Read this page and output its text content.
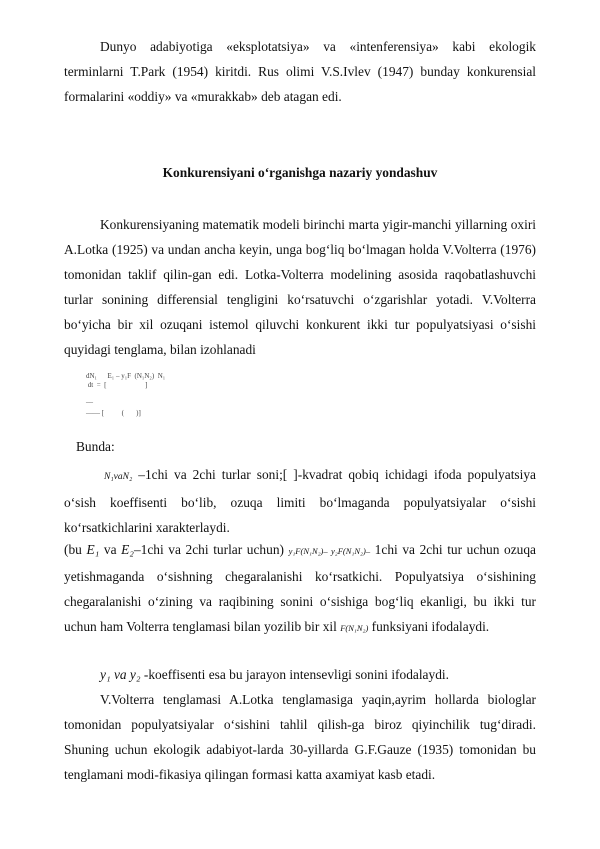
Dunyo adabiyotiga «eksplotatsiya» va «intenferensiya» kabi ekologik terminlarni T.Park (1954) kiritdi. Rus olimi V.S.Ivlev (1947) bunday konkurensial formalarini «oddiy» va «murakkab» deb atagan edi.

Konkurensiyani o‘rganishga nazariy yondashuv

Konkurensiyaning matematik modeli birinchi marta yigir-manchi yillarning oxiri A.Lotka (1925) va undan ancha keyin, unga bog‘liq bo‘lmagan holda V.Volterra (1976) tomonidan taklif qilin-gan edi. Lotka-Volterra modelining asosida raqobatlashuvchi turlar sonining differensial tengligini ko‘rsatuvchi o‘zgarishlar yotadi. V.Volterra bo‘yicha bir xil ozuqani istemol qiluvchi konkurent ikki tur populyatsiyasi o‘sishi quyidagi tenglama, bilan izohlanadi

dN₁      E₁ – y₁F  (N₁N₂)  N₁
dt  =  [                      ]
__
—— [          (       )]
Bunda:

N₁vaN₂ –1chi va 2chi turlar soni;[ ]-kvadrat qobiq ichidagi ifoda populyatsiya o‘sish koeffisenti bo‘lib, ozuqa limiti bo‘lmaganda populyatsiyalar o‘sishi ko‘rsatkichlarini xarakterlaydi.

(bu E₁ va E₂–1chi va 2chi turlar uchun) y₁F(N₁N₂)– y₂F(N₁N₂)– 1chi va 2chi tur uchun ozuqa yetishmaganda o‘sishning chegaralanishi ko‘rsatkichi. Populyatsiya o‘sishining chegaralanishi o‘zining va raqibining sonini o‘sishiga bog‘liq ekanligi, bu ikki tur uchun ham Volterra tenglamasi bilan yozilib bir xil F(N₁N₂) funksiyani ifodalaydi.

y₁ va y₂ -koeffisenti esa bu jarayon intensevligi sonini ifodalaydi.

V.Volterra tenglamasi A.Lotka tenglamasiga yaqin,ayrim hollarda biologlar tomonidan populyatsiyalar o‘sishini tahlil qilish-ga biroz qiyinchilik tug‘diradi. Shuning uchun ekologik adabiyot-larda 30-yillarda G.F.Gauze (1935) tomonidan bu tenglamani modi-fikasiya qilingan formasi katta axamiyat kasb etadi.
